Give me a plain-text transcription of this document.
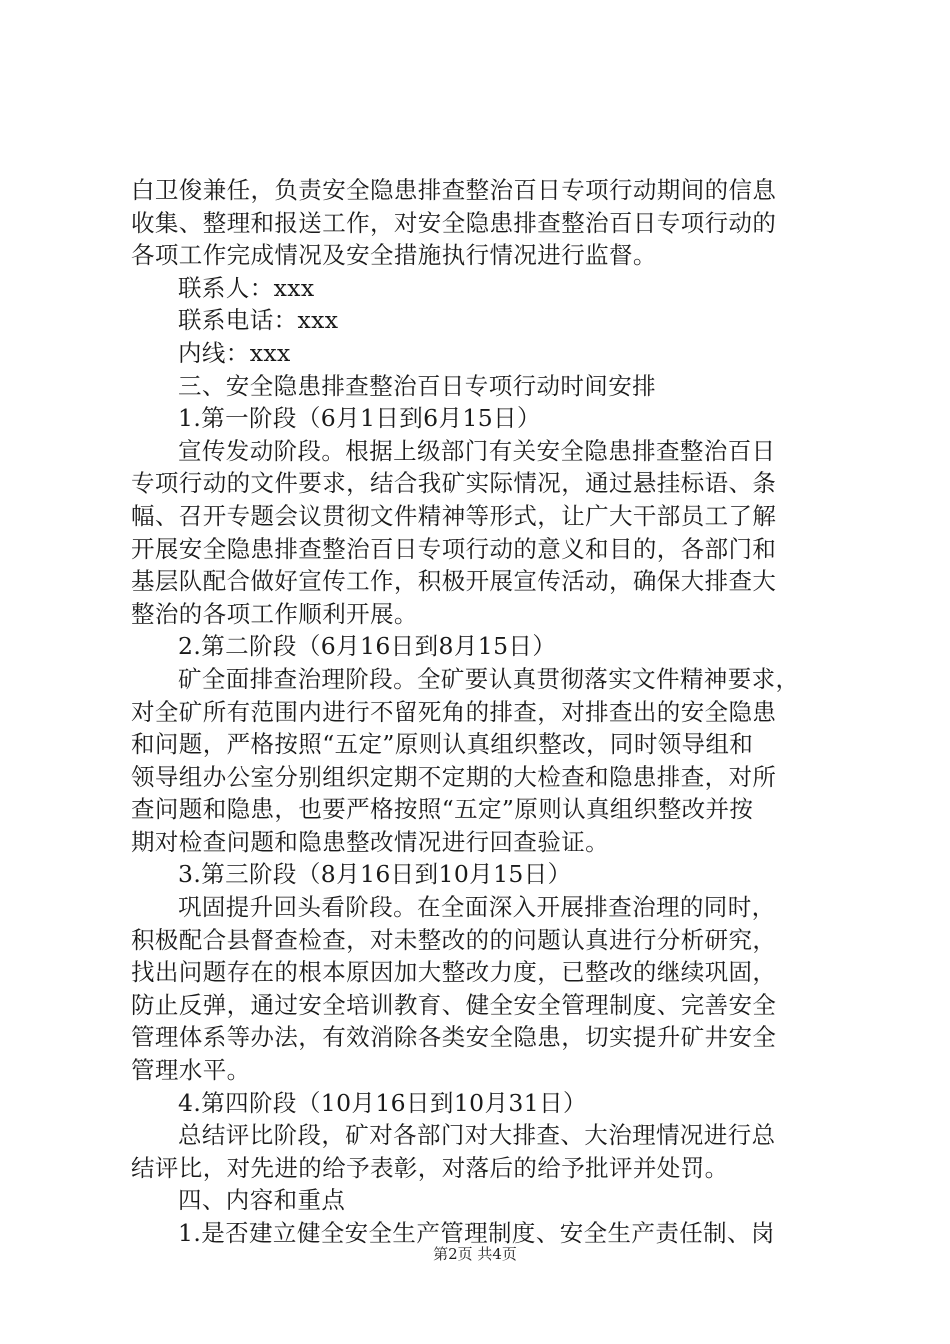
白卫俊兼任，负责安全隐患排查整治百日专项行动期间的信息
收集、整理和报送工作，对安全隐患排查整治百日专项行动的
各项工作完成情况及安全措施执行情况进行监督。
联系人：xxx
联系电话：xxx
内线：xxx
三、安全隐患排查整治百日专项行动时间安排
1.第一阶段（6月1日到6月15日）
宣传发动阶段。根据上级部门有关安全隐患排查整治百日
专项行动的文件要求，结合我矿实际情况，通过悬挂标语、条
幅、召开专题会议贯彻文件精神等形式，让广大干部员工了解
开展安全隐患排查整治百日专项行动的意义和目的，各部门和
基层队配合做好宣传工作，积极开展宣传活动，确保大排查大
整治的各项工作顺利开展。
2.第二阶段（6月16日到8月15日）
矿全面排查治理阶段。全矿要认真贯彻落实文件精神要求，
对全矿所有范围内进行不留死角的排查，对排查出的安全隐患
和问题，严格按照“五定”原则认真组织整改，同时领导组和
领导组办公室分别组织定期不定期的大检查和隐患排查，对所
查问题和隐患，也要严格按照“五定”原则认真组织整改并按
期对检查问题和隐患整改情况进行回查验证。
3.第三阶段（8月16日到10月15日）
巩固提升回头看阶段。在全面深入开展排查治理的同时，
积极配合县督查检查，对未整改的的问题认真进行分析研究，
找出问题存在的根本原因加大整改力度，已整改的继续巩固，
防止反弹，通过安全培训教育、健全安全管理制度、完善安全
管理体系等办法，有效消除各类安全隐患，切实提升矿井安全
管理水平。
4.第四阶段（10月16日到10月31日）
总结评比阶段，矿对各部门对大排查、大治理情况进行总
结评比，对先进的给予表彰，对落后的给予批评并处罚。
四、内容和重点
1.是否建立健全安全生产管理制度、安全生产责任制、岗
第2页 共4页
